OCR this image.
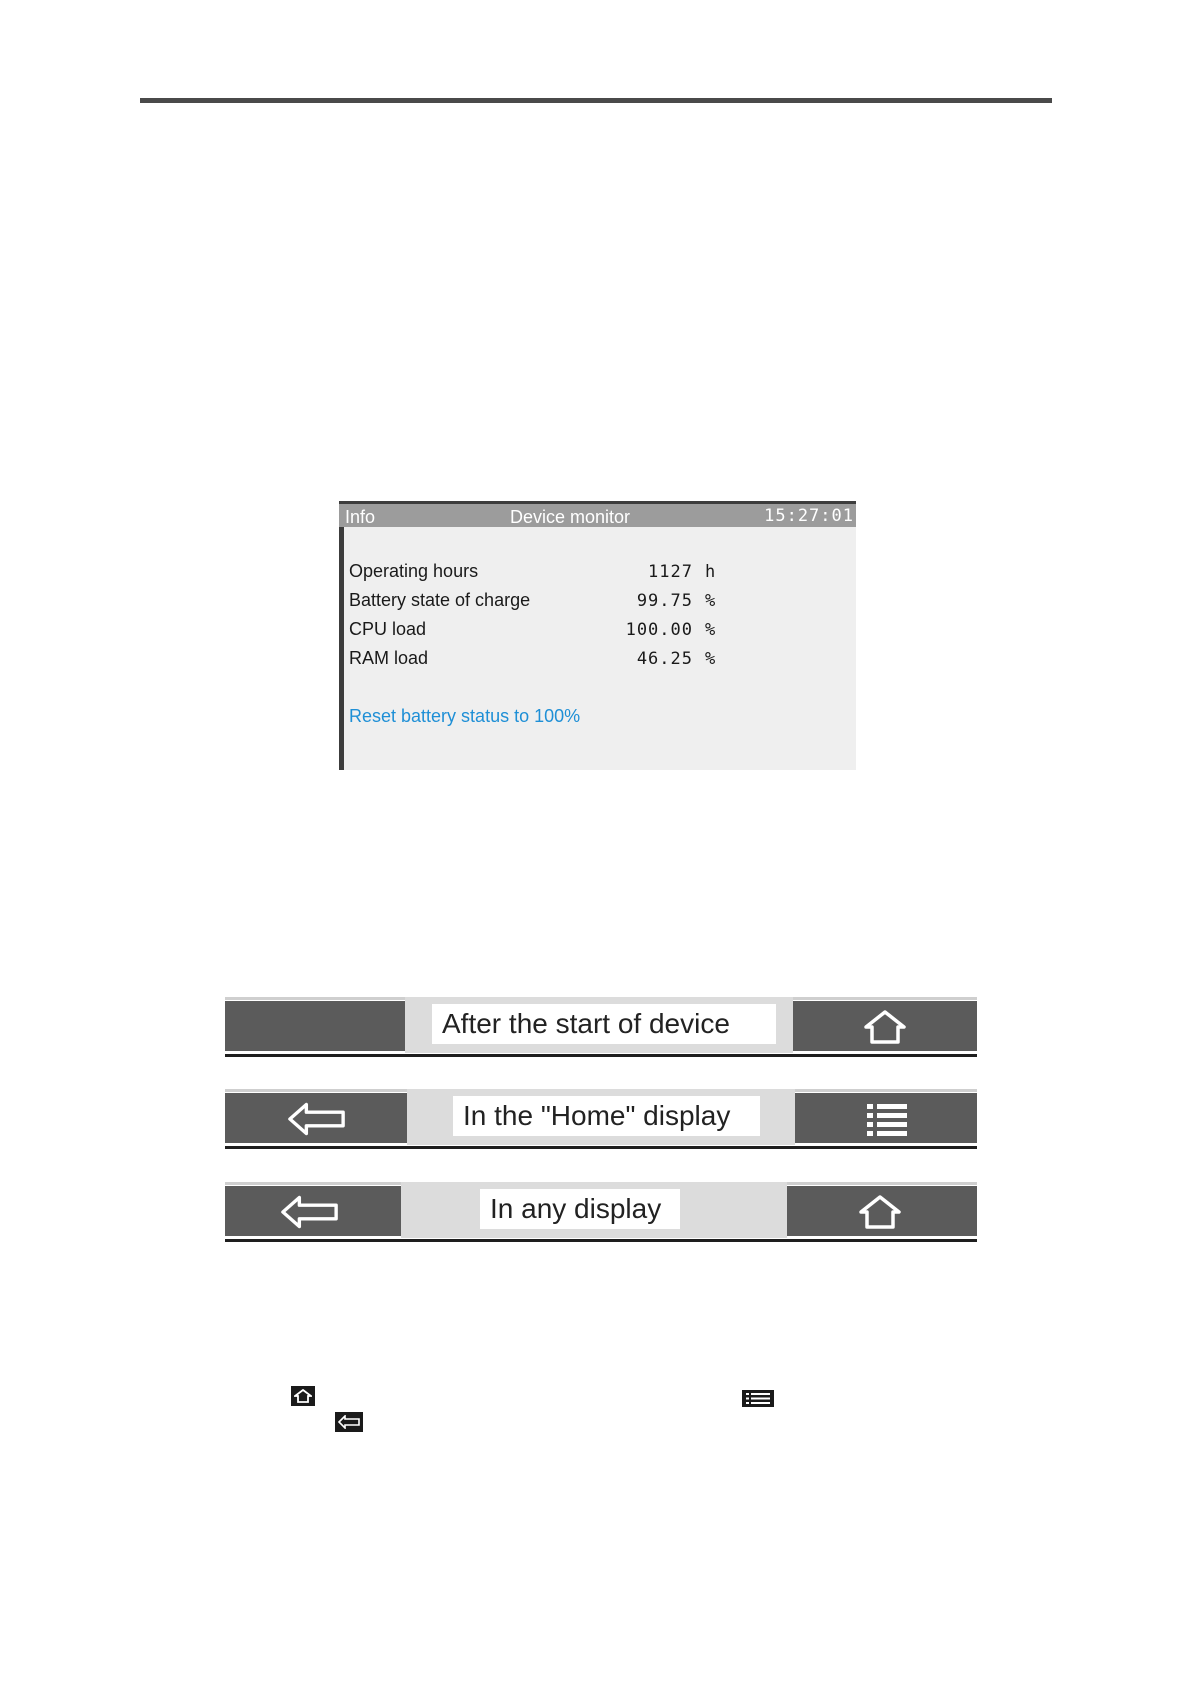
Info	Device monitor	15:27:01
Operating hours	1127 h
Battery state of charge	99.75 %
CPU load	100.00 %
RAM load	46.25 %
Reset battery status to 100%
After the start of device
In the "Home" display
In any display
